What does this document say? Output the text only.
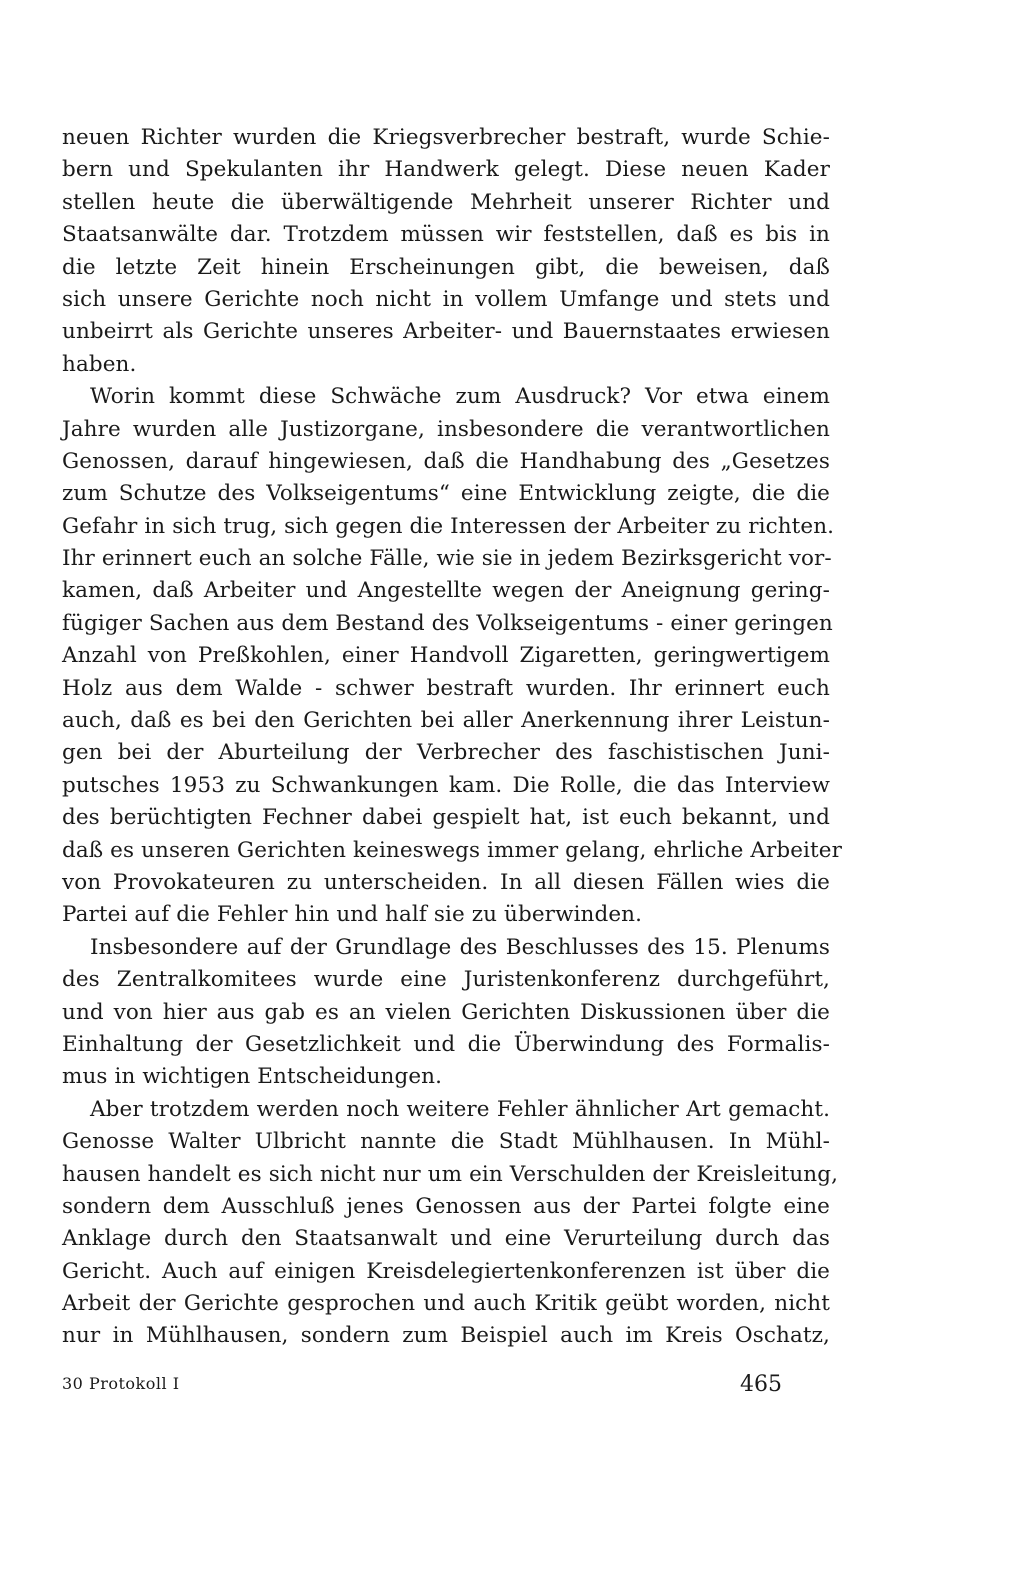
neuen Richter wurden die Kriegsverbrecher bestraft, wurde Schie-
bern und Spekulanten ihr Handwerk gelegt. Diese neuen Kader
stellen heute die überwältigende Mehrheit unserer Richter und
Staatsanwälte dar. Trotzdem müssen wir feststellen, daß es bis in
die letzte Zeit hinein Erscheinungen gibt, die beweisen, daß
sich unsere Gerichte noch nicht in vollem Umfange und stets und
unbeirrt als Gerichte unseres Arbeiter- und Bauernstaates erwiesen
haben.
Worin kommt diese Schwäche zum Ausdruck? Vor etwa einem
Jahre wurden alle Justizorgane, insbesondere die verantwortlichen
Genossen, darauf hingewiesen, daß die Handhabung des „Gesetzes
zum Schutze des Volkseigentums“ eine Entwicklung zeigte, die die
Gefahr in sich trug, sich gegen die Interessen der Arbeiter zu richten.
Ihr erinnert euch an solche Fälle, wie sie in jedem Bezirksgericht vor-
kamen, daß Arbeiter und Angestellte wegen der Aneignung gering-
fügiger Sachen aus dem Bestand des Volkseigentums - einer geringen
Anzahl von Preßkohlen, einer Handvoll Zigaretten, geringwertigem
Holz aus dem Walde - schwer bestraft wurden. Ihr erinnert euch
auch, daß es bei den Gerichten bei aller Anerkennung ihrer Leistun-
gen bei der Aburteilung der Verbrecher des faschistischen Juni-
putsches 1953 zu Schwankungen kam. Die Rolle, die das Interview
des berüchtigten Fechner dabei gespielt hat, ist euch bekannt, und
daß es unseren Gerichten keineswegs immer gelang, ehrliche Arbeiter
von Provokateuren zu unterscheiden. In all diesen Fällen wies die
Partei auf die Fehler hin und half sie zu überwinden.
Insbesondere auf der Grundlage des Beschlusses des 15. Plenums
des Zentralkomitees wurde eine Juristenkonferenz durchgeführt,
und von hier aus gab es an vielen Gerichten Diskussionen über die
Einhaltung der Gesetzlichkeit und die Überwindung des Formalis-
mus in wichtigen Entscheidungen.
Aber trotzdem werden noch weitere Fehler ähnlicher Art gemacht.
Genosse Walter Ulbricht nannte die Stadt Mühlhausen. In Mühl-
hausen handelt es sich nicht nur um ein Verschulden der Kreisleitung,
sondern dem Ausschluß jenes Genossen aus der Partei folgte eine
Anklage durch den Staatsanwalt und eine Verurteilung durch das
Gericht. Auch auf einigen Kreisdelegiertenkonferenzen ist über die
Arbeit der Gerichte gesprochen und auch Kritik geübt worden, nicht
nur in Mühlhausen, sondern zum Beispiel auch im Kreis Oschatz,
30 Protokoll I	465
